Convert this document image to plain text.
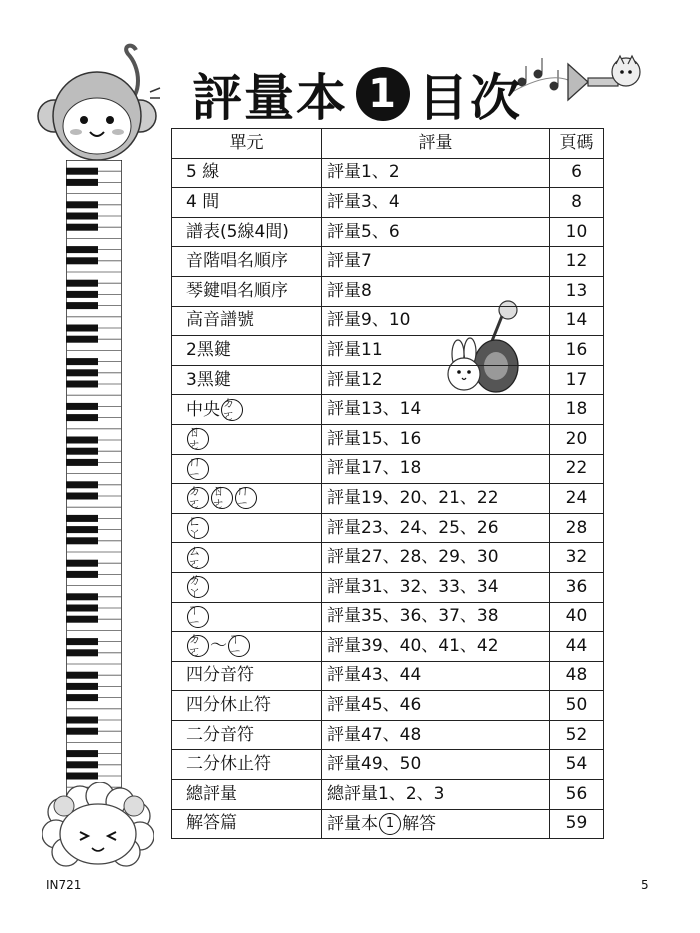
評量本 1 目次
單元	評量	頁碼
5 線	評量1、2	6
4 間	評量3、4	8
譜表(5線4間)	評量5、6	10
音階唱名順序	評量7	12
琴鍵唱名順序	評量8	13
高音譜號	評量9、10	14
2黑鍵	評量11	16
3黑鍵	評量12	17
中央 ㄉㄛ	評量13、14	18
ㄖㄜ	評量15、16	20
ㄇㄧ	評量17、18	22
ㄉㄛㄖㄜㄇㄧ	評量19、20、21、22	24
ㄈㄚ	評量23、24、25、26	28
ㄙㄛ	評量27、28、29、30	32
ㄌㄚ	評量31、32、33、34	36
ㄒㄧ	評量35、36、37、38	40
ㄉㄛ ～ ㄒㄧ	評量39、40、41、42	44
四分音符	評量43、44	48
四分休止符	評量45、46	50
二分音符	評量47、48	52
二分休止符	評量49、50	54
總評量	總評量1、2、3	56
解答篇	評量本 1 解答	59
IN721	5
